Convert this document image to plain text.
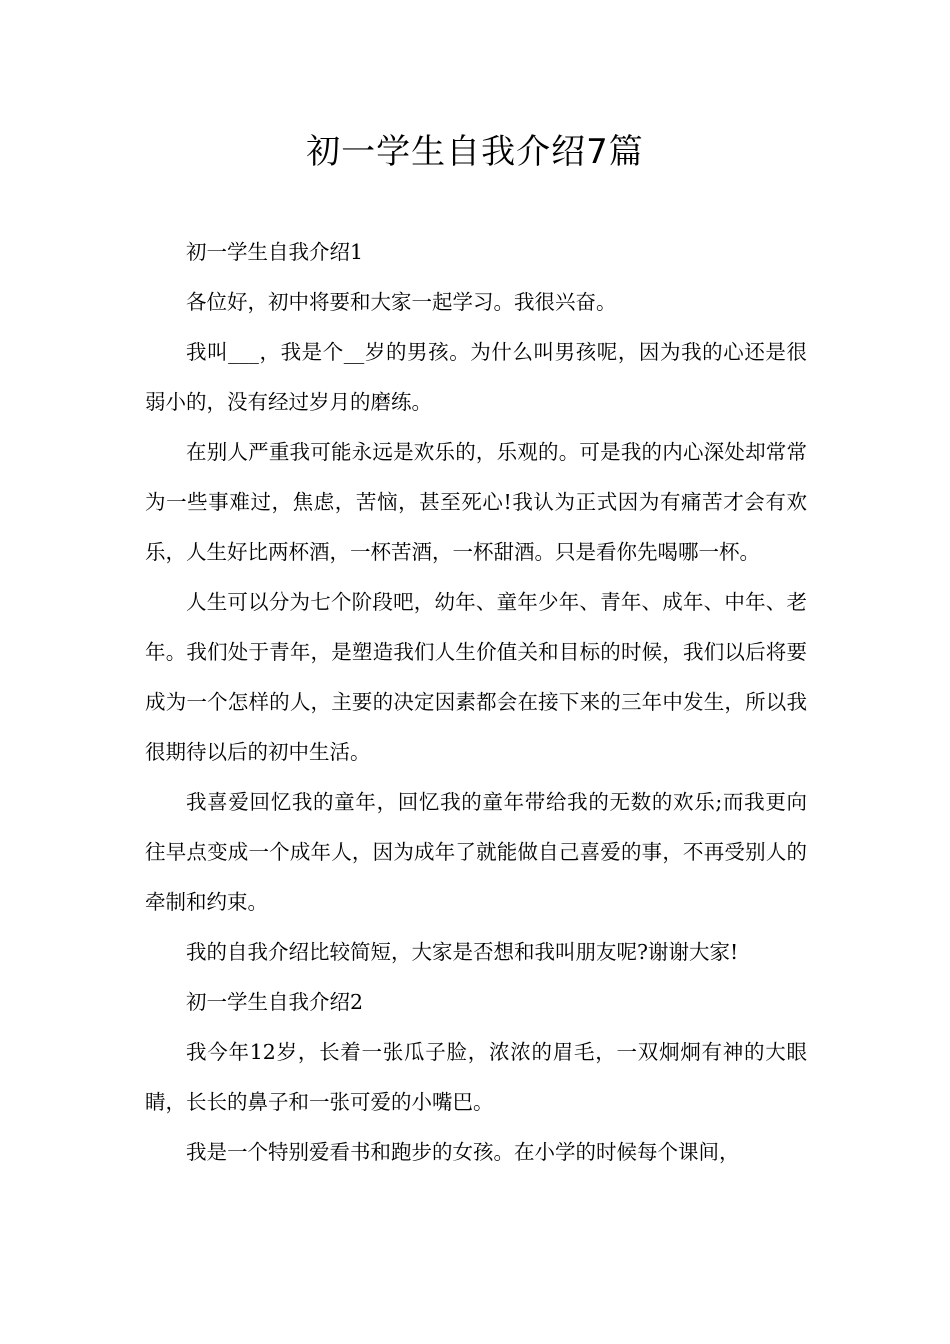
初一学生自我介绍7篇

初一学生自我介绍1

各位好，初中将要和大家一起学习。我很兴奋。

我叫___，我是个__岁的男孩。为什么叫男孩呢，因为我的心还是很弱小的，没有经过岁月的磨练。

在别人严重我可能永远是欢乐的，乐观的。可是我的内心深处却常常为一些事难过，焦虑，苦恼，甚至死心!我认为正式因为有痛苦才会有欢乐，人生好比两杯酒，一杯苦酒，一杯甜酒。只是看你先喝哪一杯。

人生可以分为七个阶段吧，幼年、童年少年、青年、成年、中年、老年。我们处于青年，是塑造我们人生价值关和目标的时候，我们以后将要成为一个怎样的人，主要的决定因素都会在接下来的三年中发生，所以我很期待以后的初中生活。

我喜爱回忆我的童年，回忆我的童年带给我的无数的欢乐;而我更向往早点变成一个成年人，因为成年了就能做自己喜爱的事，不再受别人的牵制和约束。

我的自我介绍比较简短，大家是否想和我叫朋友呢?谢谢大家!

初一学生自我介绍2

我今年12岁，长着一张瓜子脸，浓浓的眉毛，一双炯炯有神的大眼睛，长长的鼻子和一张可爱的小嘴巴。

我是一个特别爱看书和跑步的女孩。在小学的时候每个课间，
